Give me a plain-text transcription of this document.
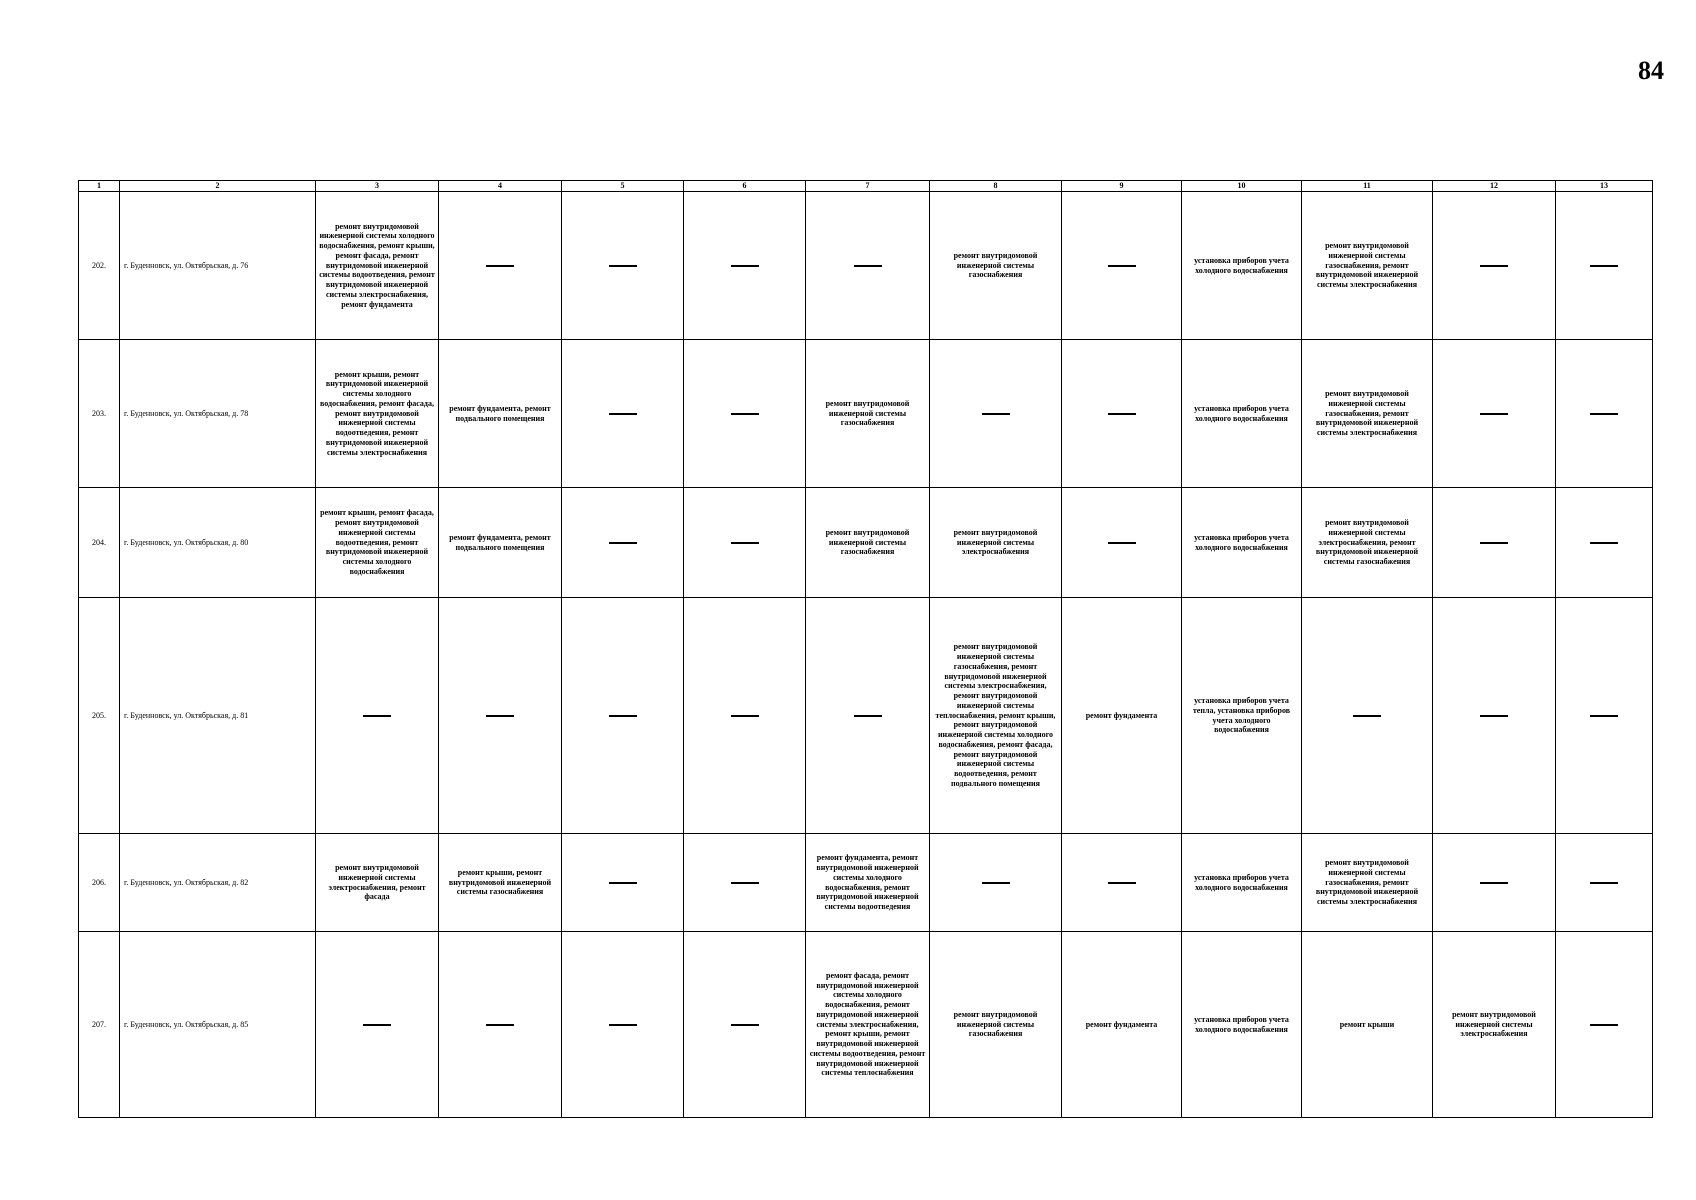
84
1	2	3	4	5	6	7	8	9	10	11	12	13
202.	г. Буденновск, ул. Октябрьская, д. 76	ремонт внутридомовой инженерной системы холодного водоснабжения, ремонт крыши, ремонт фасада, ремонт внутридомовой инженерной системы водоотведения, ремонт внутридомовой инженерной системы электроснабжения, ремонт фундамента					ремонт внутридомовой инженерной системы газоснабжения		установка приборов учета холодного водоснабжения	ремонт внутридомовой инженерной системы газоснабжения, ремонт внутридомовой инженерной системы электроснабжения		
203.	г. Буденновск, ул. Октябрьская, д. 78	ремонт крыши, ремонт внутридомовой инженерной системы холодного водоснабжения, ремонт фасада, ремонт внутридомовой инженерной системы водоотведения, ремонт внутридомовой инженерной системы электроснабжения	ремонт фундамента, ремонт подвального помещения			ремонт внутридомовой инженерной системы газоснабжения			установка приборов учета холодного водоснабжения	ремонт внутридомовой инженерной системы газоснабжения, ремонт внутридомовой инженерной системы электроснабжения		
204.	г. Буденновск, ул. Октябрьская, д. 80	ремонт крыши, ремонт фасада, ремонт внутридомовой инженерной системы водоотведения, ремонт внутридомовой инженерной системы холодного водоснабжения	ремонт фундамента, ремонт подвального помещения			ремонт внутридомовой инженерной системы газоснабжения	ремонт внутридомовой инженерной системы электроснабжения		установка приборов учета холодного водоснабжения	ремонт внутридомовой инженерной системы электроснабжения, ремонт внутридомовой инженерной системы газоснабжения		
205.	г. Буденновск, ул. Октябрьская, д. 81						ремонт внутридомовой инженерной системы газоснабжения, ремонт внутридомовой инженерной системы электроснабжения, ремонт внутридомовой инженерной системы теплоснабжения, ремонт крыши, ремонт внутридомовой инженерной системы холодного водоснабжения, ремонт фасада, ремонт внутридомовой инженерной системы водоотведения, ремонт подвального помещения	ремонт фундамента	установка приборов учета тепла, установка приборов учета холодного водоснабжения			
206.	г. Буденновск, ул. Октябрьская, д. 82	ремонт внутридомовой инженерной системы электроснабжения, ремонт фасада	ремонт крыши, ремонт внутридомовой инженерной системы газоснабжения			ремонт фундамента, ремонт внутридомовой инженерной системы холодного водоснабжения, ремонт внутридомовой инженерной системы водоотведения			установка приборов учета холодного водоснабжения	ремонт внутридомовой инженерной системы газоснабжения, ремонт внутридомовой инженерной системы электроснабжения		
207.	г. Буденновск, ул. Октябрьская, д. 85					ремонт фасада, ремонт внутридомовой инженерной системы холодного водоснабжения, ремонт внутридомовой инженерной системы электроснабжения, ремонт крыши, ремонт внутридомовой инженерной системы водоотведения, ремонт внутридомовой инженерной системы теплоснабжения	ремонт внутридомовой инженерной системы газоснабжения	ремонт фундамента	установка приборов учета холодного водоснабжения	ремонт крыши	ремонт внутридомовой инженерной системы электроснабжения	
